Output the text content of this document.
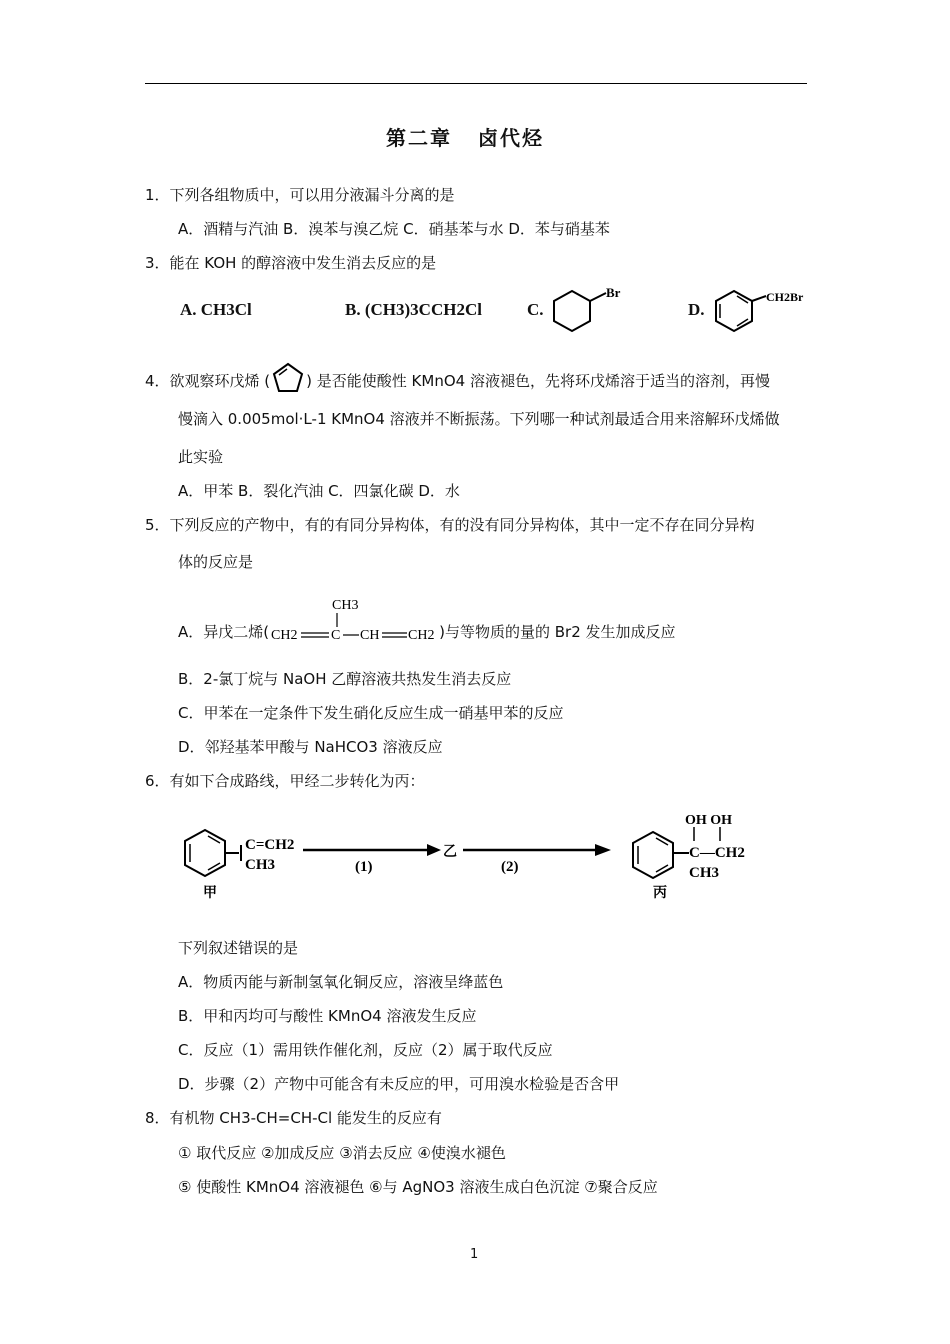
第二章 卤代烃
1．下列各组物质中，可以用分液漏斗分离的是
A．酒精与汽油 B．溴苯与溴乙烷 C．硝基苯与水 D．苯与硝基苯
3．能在 KOH 的醇溶液中发生消去反应的是
A. CH3Cl	B. (CH3)3CCH2Cl	C.
Br
D.
CH2Br
4．欲观察环戊烯 ( ) 是否能使酸性 KMnO4 溶液褪色，先将环戊烯溶于适当的溶剂，再慢
慢滴入 0.005mol·L-1 KMnO4 溶液并不断振荡。下列哪一种试剂最适合用来溶解环戊烯做
此实验
A．甲苯 B．裂化汽油 C．四氯化碳 D．水
5．下列反应的产物中，有的有同分异构体，有的没有同分异构体，其中一定不存在同分异构
体的反应是
A．异戊二烯(
CH3
CH2 C CH CH2 )与等物质的量的 Br2 发生加成反应
B．2-氯丁烷与 NaOH 乙醇溶液共热发生消去反应
C．甲苯在一定条件下发生硝化反应生成一硝基甲苯的反应
D．邻羟基苯甲酸与 NaHCO3 溶液反应
6．有如下合成路线，甲经二步转化为丙：
C=CH2
CH3
甲
(1)
乙
(2)
OH OH
C—CH2
CH3
丙
下列叙述错误的是
A．物质丙能与新制氢氧化铜反应，溶液呈绛蓝色
B．甲和丙均可与酸性 KMnO4 溶液发生反应
C．反应（1）需用铁作催化剂，反应（2）属于取代反应
D．步骤（2）产物中可能含有未反应的甲，可用溴水检验是否含甲
8．有机物 CH3-CH=CH-Cl 能发生的反应有
① 取代反应 ②加成反应 ③消去反应 ④使溴水褪色
⑤ 使酸性 KMnO4 溶液褪色 ⑥与 AgNO3 溶液生成白色沉淀 ⑦聚合反应
1
